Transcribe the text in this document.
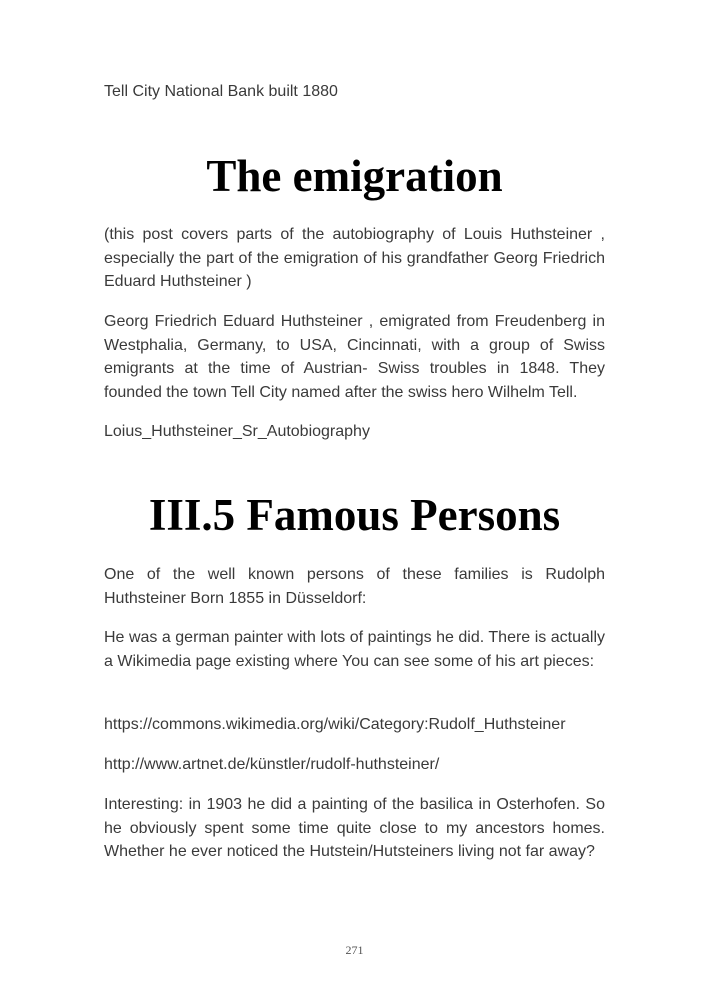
Tell City National Bank built 1880

The emigration

(this post covers parts of the autobiography of Louis Huthsteiner , especially the part of the emigration of his grandfather Georg Friedrich Eduard Huthsteiner )

Georg Friedrich Eduard Huthsteiner , emigrated from Freudenberg in Westphalia, Germany, to USA, Cincinnati, with a group of Swiss emigrants at the time of Austrian- Swiss troubles in 1848. They founded the town Tell City named after the swiss hero Wilhelm Tell.

Loius_Huthsteiner_Sr_Autobiography

III.5 Famous Persons

One of the well known persons of these families is Rudolph Huthsteiner Born 1855 in Düsseldorf:

He was a german painter with lots of paintings he did. There is actually a Wikimedia page existing where You can see some of his art pieces:

https://commons.wikimedia.org/wiki/Category:Rudolf_Huthsteiner

http://www.artnet.de/künstler/rudolf-huthsteiner/

Interesting: in 1903 he did a painting of the basilica in Osterhofen. So he obviously spent some time quite close to my ancestors homes. Whether he ever noticed the Hutstein/Hutsteiners living not far away?

271
